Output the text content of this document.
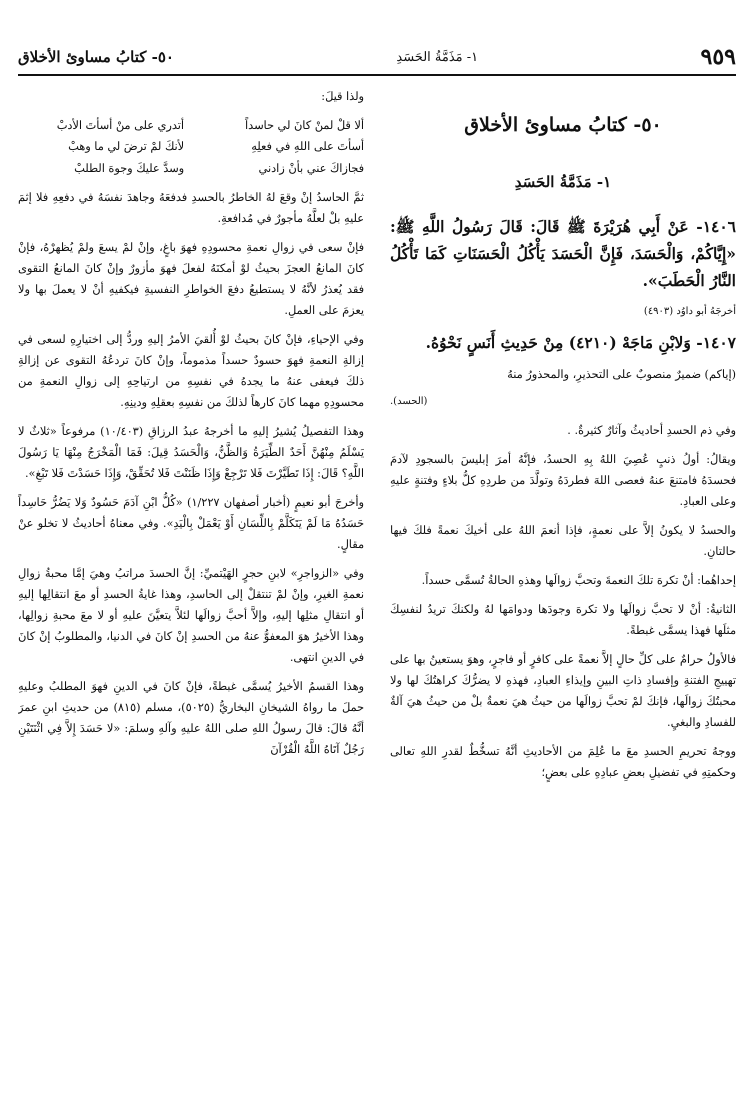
٩٥٩
١- مَذَمَّةُ الحَسَدِ
٥٠- كتابُ مساوئ الأخلاق
٥٠- كتابُ مساوئ الأخلاق
١- مَذَمَّةُ الحَسَدِ

١٤٠٦- عَنْ أَبِي هُرَيْرَةَ ﷺ قَالَ: قَالَ رَسُولُ اللَّهِ ﷺ: «إِيَّاكُمْ، وَالْحَسَدَ، فَإِنَّ الْحَسَدَ يَأْكُلُ الْحَسَنَاتِ كَمَا تَأْكُلُ النَّارُ الْحَطَبَ».

أخرجَهُ أبو داوُد (٤٩٠٣)

١٤٠٧- وَلابْنِ مَاجَهْ (٤٢١٠) مِنْ حَدِيثِ أَنَسٍ نَحْوُهُ.

(إياكم) ضميرٌ منصوبٌ على التحذيرِ، والمحذورُ منهُ

(الحسد).

وفي ذم الحسدِ أحاديثُ وآثارٌ كثيرةٌ. .

ويقالُ: أولُ ذنبٍ عُصِيَ اللهُ بِهِ الحسدُ، فإنَّهُ أمرَ إبليسَ بالسجودِ لآدمَ فحسدَهُ فامتنعَ عنهُ فعصى اللهَ فطردَهُ وتولَّدَ من طردِهِ كلُّ بلاءٍ وفتنةٍ عليهِ وعلى العبادِ.

والحسدُ لا يكونُ إلاَّ على نعمةٍ، فإذا أنعمَ اللهُ على أخيكَ نعمةً فلكَ فيها حالتانِ.

إحداهُما: أنْ تكرهَ تلكَ النعمةَ وتحبَّ زوالَها وهذهِ الحالةُ تُسمَّى حسداً.

الثانيةُ: أنْ لا تحبَّ زوالَها ولا تكرهَ وجودَها ودوامَها لهُ ولكنكَ تريدُ لنفسِكَ مثلَها فهذا يسمَّى غبطةً.

فالأولُ حرامٌ على كلِّ حالٍ إلاَّ نعمةً على كافرٍ أو فاجرٍ، وهوَ يستعينُ بها على تهييجِ الفتنةِ وإفسادِ ذاتِ البينِ وإيذاءِ العبادِ، فهذهِ لا يضرُّكَ كراهتُكَ لها ولا محبتُكَ زوالَها، فإنكَ لمْ تحبَّ زوالَها من حيثُ هيَ نعمةٌ بلْ من حيثُ هيَ آلةٌ للفسادِ والبغيِ.

ووجهُ تحريمِ الحسدِ معَ ما عُلِمَ من الأحاديثِ أنَّهُ تسخُّطٌ لقدرِ اللهِ تعالى وحكمتِهِ في تفضيلِ بعضِ عبادِهِ على بعضٍ؛

ولذا قيلَ:

ألا قلْ لمنْ كانَ لي حاسداً
أتدري على منْ أسأتَ الأدبْ
أسأتَ على اللهِ في فعلِهِ
لأنكَ لمْ ترضَ لي ما وهبْ
فجازاكَ عني بأنْ زادني
وسدَّ عليكَ وجوهَ الطلبْ

ثمَّ الحاسدُ إنْ وقعَ لهُ الخاطرُ بالحسدِ فدفعَهُ وجاهدَ نفسَهُ في دفعِهِ فلا إثمَ عليهِ بلْ لعلَّهُ مأجورٌ في مُدافعةِ.

فإنْ سعى في زوالِ نعمةِ محسودِهِ فهوَ باغٍ، وإنْ لمْ يسعَ ولمْ يُظهرْهُ، فإنْ كانَ المانعُ العجزَ بحيثُ لوْ أمكنَهُ لفعلَ فهوَ مأزورٌ وإنْ كانَ المانعُ التقوى فقد يُعذرُ لأنَّهُ لا يستطيعُ دفعَ الخواطرِ النفسيةِ فيكفيهِ أنْ لا يعملَ بها ولا يعزمَ على العملِ.

وفي الإحياءِ، فإنْ كانَ بحيثُ لوْ أُلقيَ الأمرُ إليهِ وردُّ إلى اختيارِهِ لسعى في إزالةِ النعمةِ فهوَ حسودٌ حسداً مذموماً، وإنْ كانَ تردعُهُ التقوى عن إزالةِ ذلكَ فيعفى عنهُ ما يجدهُ في نفسِهِ من ارتياحِهِ إلى زوالِ النعمةِ من محسودِهِ مهما كانَ كارهاً لذلكَ من نفسِهِ بعقلِهِ ودينِهِ.

وهذا التفصيلُ يُشيرُ إليهِ ما أخرجهُ عبدُ الرزاقِ (١٠/٤٠٣) مرفوعاً «ثلاثٌ لا يَسْلَمُ مِنْهُنَّ أَحَدٌ الطِّيَرَةُ وَالظَّنُّ، وَالْحَسَدُ قِيلَ: فَمَا الْمَخْرَجُ مِنْهَا يَا رَسُولَ اللَّهِ؟ قَالَ: إِذَا تَطَيَّرْتَ فَلا تَرْجِعْ وَإِذَا ظَنَنْتَ فَلا تُحَقِّقْ، وَإِذَا حَسَدْتَ فَلا تَبْغِ».

وأخرجَ أبو نعيمٍ (أخبار أصفهان ١/٢٢٧) «كُلُّ ابْنِ آدَمَ حَسُودٌ وَلا يَضُرُّ حَاسِداً حَسَدُهُ مَا لَمْ يَتَكَلَّمْ بِاللِّسَانِ أَوْ يَعْمَلْ بِالْيَدِ». وفي معناهُ أحاديثُ لا تخلو عنْ مقالٍ.

وفي «الزواجرِ» لابنِ حجرٍ الهَيْتميِّ: إنَّ الحسدَ مراتبُ وهيَ إمَّا محبةُ زوالِ نعمةِ الغيرِ، وإنْ لمْ تنتقلْ إلى الحاسدِ، وهذا غايةُ الحسدِ أو معَ انتقالِها إليهِ أو انتقالِ مثلِها إليهِ، وإلاَّ أحبَّ زوالَها لئلاَّ يتعيَّنَ عليهِ أو لا معَ محبةِ زوالِها، وهذا الأخيرُ هوَ المعفوُّ عنهُ من الحسدِ إنْ كانَ في الدنيا، والمطلوبُ إنْ كانَ في الدينِ انتهى.

وهذا القسمُ الأخيرُ يُسمَّى غبطةً، فإنْ كانَ في الدينِ فهوَ المطلبُ وعليهِ حملَ ما رواهُ الشيخانِ البخاريُّ (٥٠٢٥)، مسلم (٨١٥) من حديثِ ابنِ عمرَ أنَّهُ قالَ: قالَ رسولُ اللهِ صلى اللهُ عليهِ وآلهِ وسلمَ: «لا حَسَدَ إِلاَّ فِي اثْنَتَيْنِ رَجُلٌ آتَاهُ اللَّهُ الْقُرْآنَ
